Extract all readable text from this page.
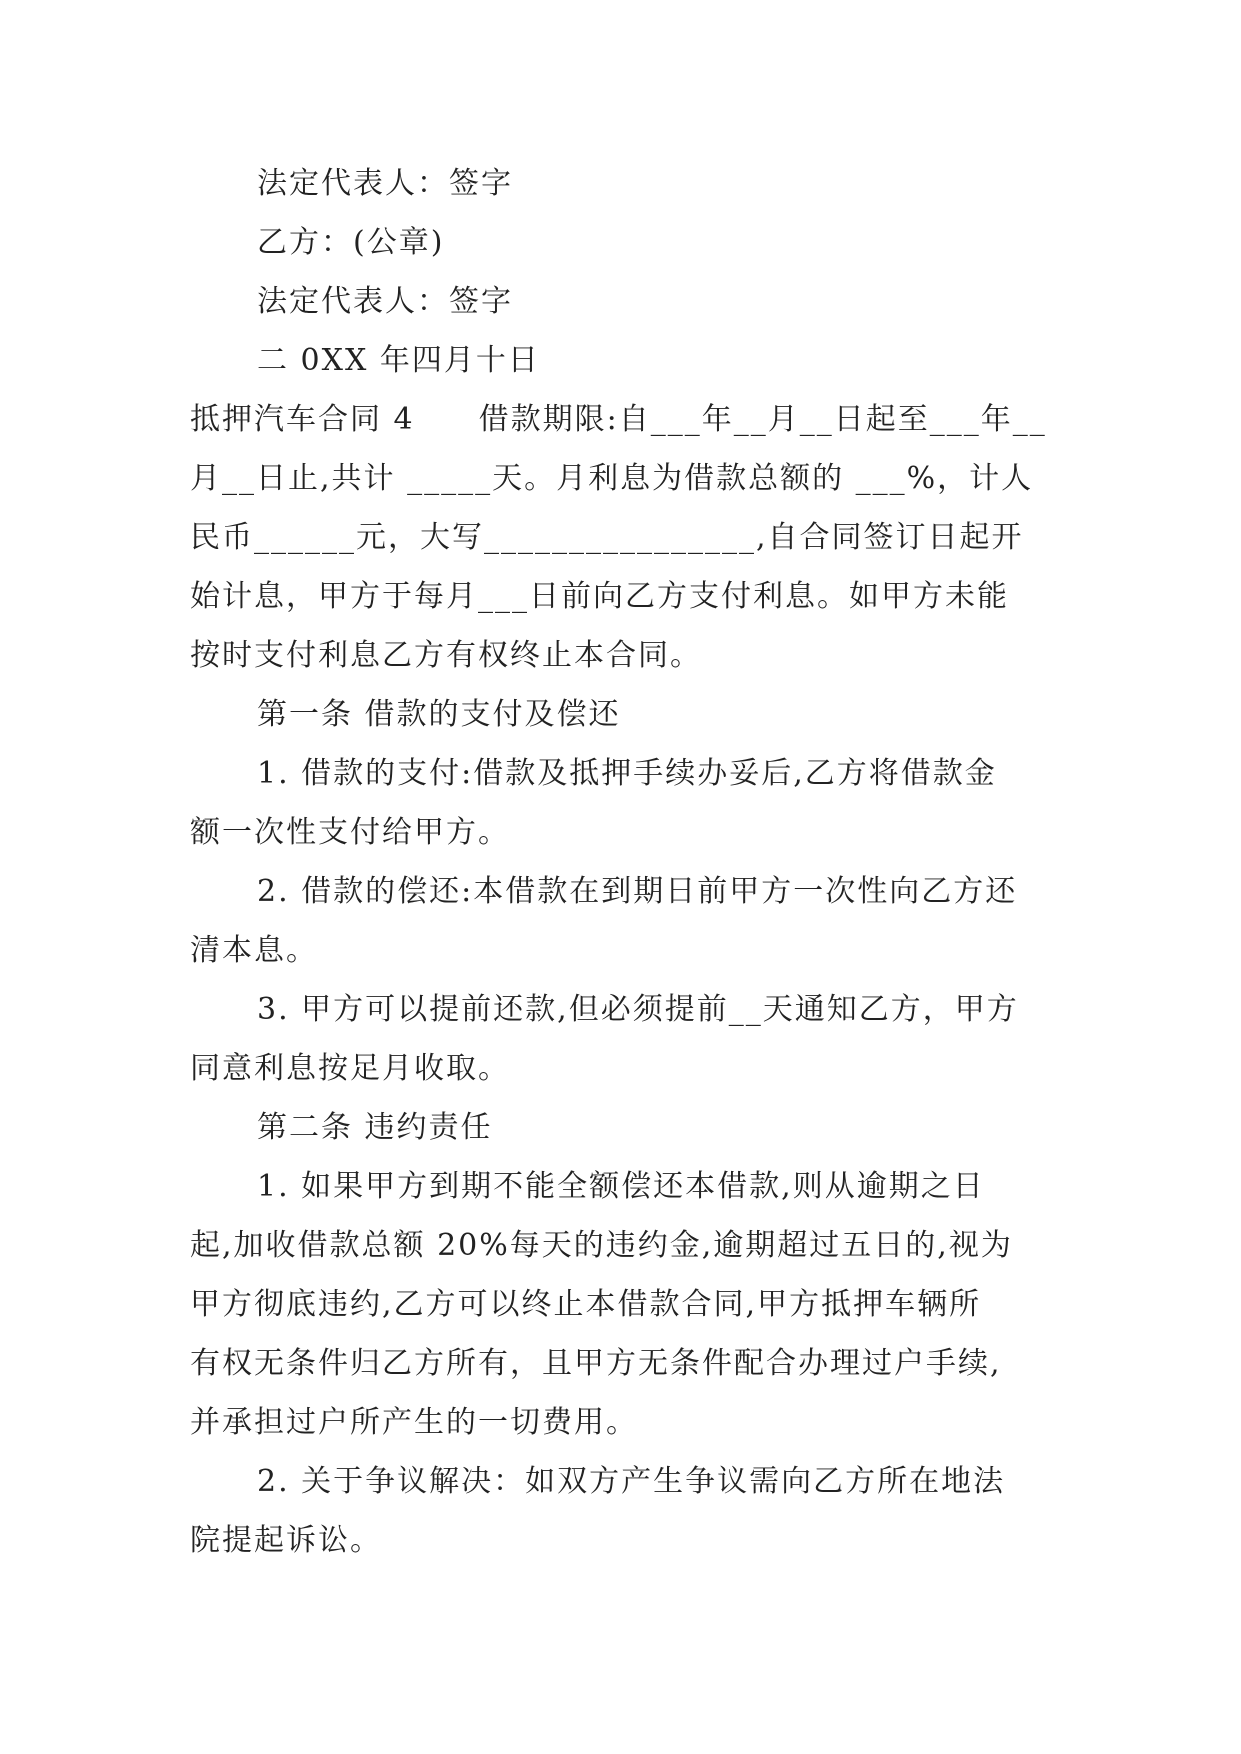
法定代表人：签字
乙方：(公章)
法定代表人：签字
二 0XX 年四月十日
抵押汽车合同 4　　借款期限:自___年__月__日起至___年__
月__日止,共计 _____天。月利息为借款总额的 ___%，计人
民币______元，大写________________,自合同签订日起开
始计息，甲方于每月___日前向乙方支付利息。如甲方未能
按时支付利息乙方有权终止本合同。
第一条 借款的支付及偿还
1. 借款的支付:借款及抵押手续办妥后,乙方将借款金
额一次性支付给甲方。
2. 借款的偿还:本借款在到期日前甲方一次性向乙方还
清本息。
3. 甲方可以提前还款,但必须提前__天通知乙方，甲方
同意利息按足月收取。
第二条 违约责任
1. 如果甲方到期不能全额偿还本借款,则从逾期之日
起,加收借款总额 20%每天的违约金,逾期超过五日的,视为
甲方彻底违约,乙方可以终止本借款合同,甲方抵押车辆所
有权无条件归乙方所有，且甲方无条件配合办理过户手续,
并承担过户所产生的一切费用。
2. 关于争议解决：如双方产生争议需向乙方所在地法
院提起诉讼。
